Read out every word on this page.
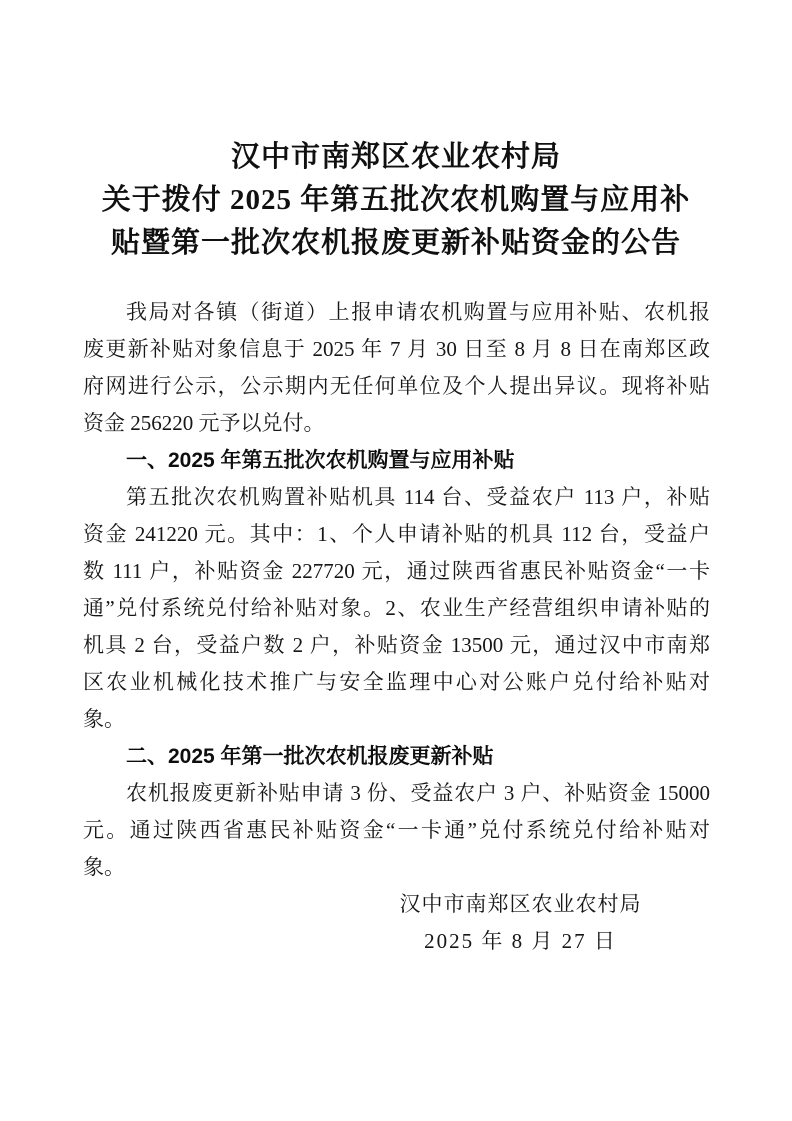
汉中市南郑区农业农村局
关于拨付 2025 年第五批次农机购置与应用补
贴暨第一批次农机报废更新补贴资金的公告
我局对各镇（街道）上报申请农机购置与应用补贴、农机报
废更新补贴对象信息于 2025 年 7 月 30 日至 8 月 8 日在南郑区政
府网进行公示，公示期内无任何单位及个人提出异议。现将补贴
资金 256220 元予以兑付。
一、2025 年第五批次农机购置与应用补贴
第五批次农机购置补贴机具 114 台、受益农户 113 户，补贴
资金 241220 元。其中：1、个人申请补贴的机具 112 台，受益户
数 111 户，补贴资金 227720 元，通过陕西省惠民补贴资金“一卡
通”兑付系统兑付给补贴对象。2、农业生产经营组织申请补贴的
机具 2 台，受益户数 2 户，补贴资金 13500 元，通过汉中市南郑
区农业机械化技术推广与安全监理中心对公账户兑付给补贴对
象。
二、2025 年第一批次农机报废更新补贴
农机报废更新补贴申请 3 份、受益农户 3 户、补贴资金 15000
元。通过陕西省惠民补贴资金“一卡通”兑付系统兑付给补贴对
象。
汉中市南郑区农业农村局
2025 年 8 月 27 日
